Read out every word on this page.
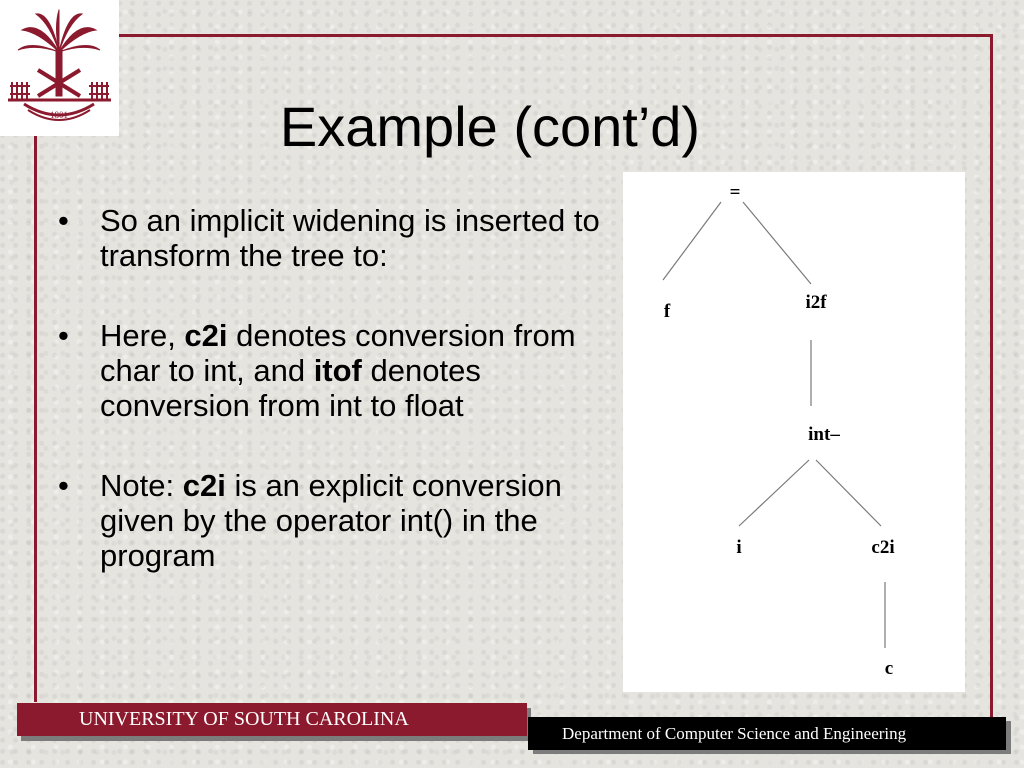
1801	Example (cont’d)
• So an implicit widening is inserted to transform the tree to:
• Here, c2i denotes conversion from char to int, and itof denotes conversion from int to float
• Note: c2i is an explicit conversion given by the operator int() in the program
=
f	i2f
int–
i	c2i
c
UNIVERSITY OF SOUTH CAROLINA
Department of Computer Science and Engineering
